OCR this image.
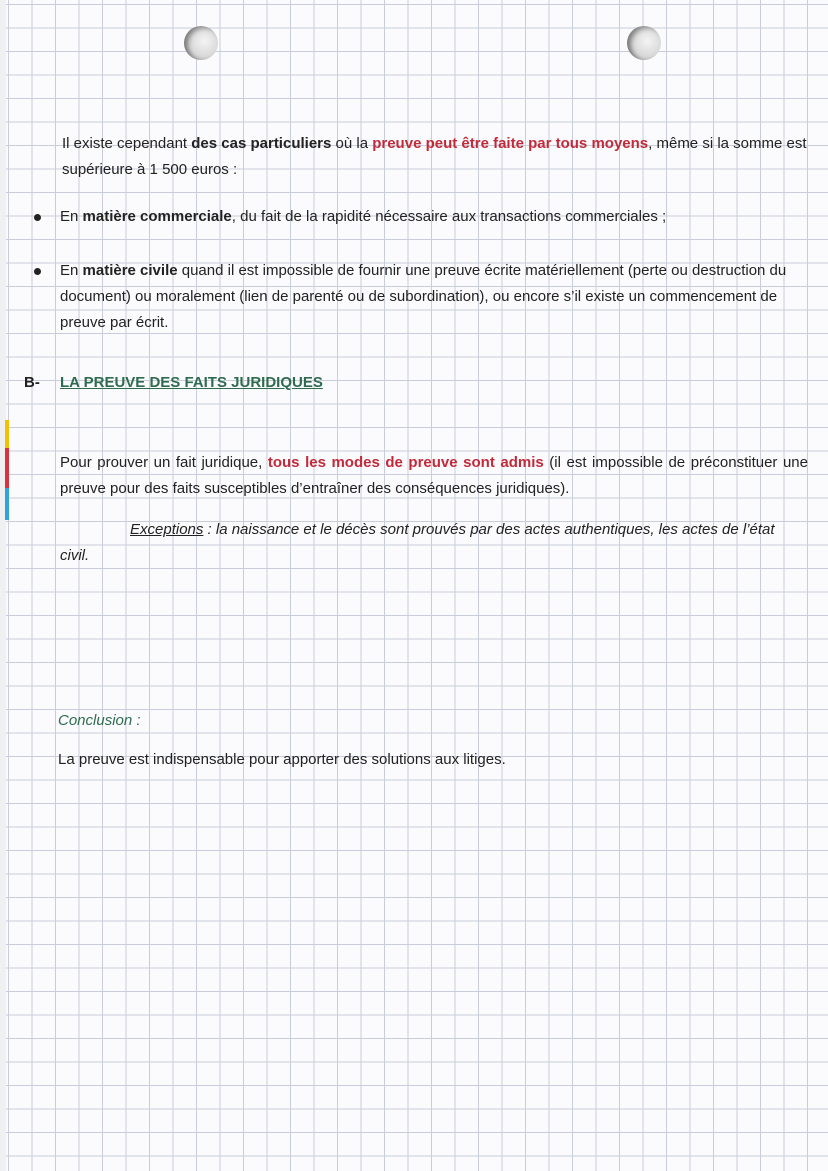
Il existe cependant des cas particuliers où la preuve peut être faite par tous moyens, même si la somme est supérieure à 1 500 euros :

En matière commerciale, du fait de la rapidité nécessaire aux transactions commerciales ;
En matière civile quand il est impossible de fournir une preuve écrite matériellement (perte ou destruction du document) ou moralement (lien de parenté ou de subordination), ou encore s’il existe un commencement de preuve par écrit.
B- LA PREUVE DES FAITS JURIDIQUES
Pour prouver un fait juridique, tous les modes de preuve sont admis (il est impossible de préconstituer une preuve pour des faits susceptibles d’entraîner des conséquences juridiques).
Exceptions : la naissance et le décès sont prouvés par des actes authentiques, les actes de l’état civil.
Conclusion :
La preuve est indispensable pour apporter des solutions aux litiges.
